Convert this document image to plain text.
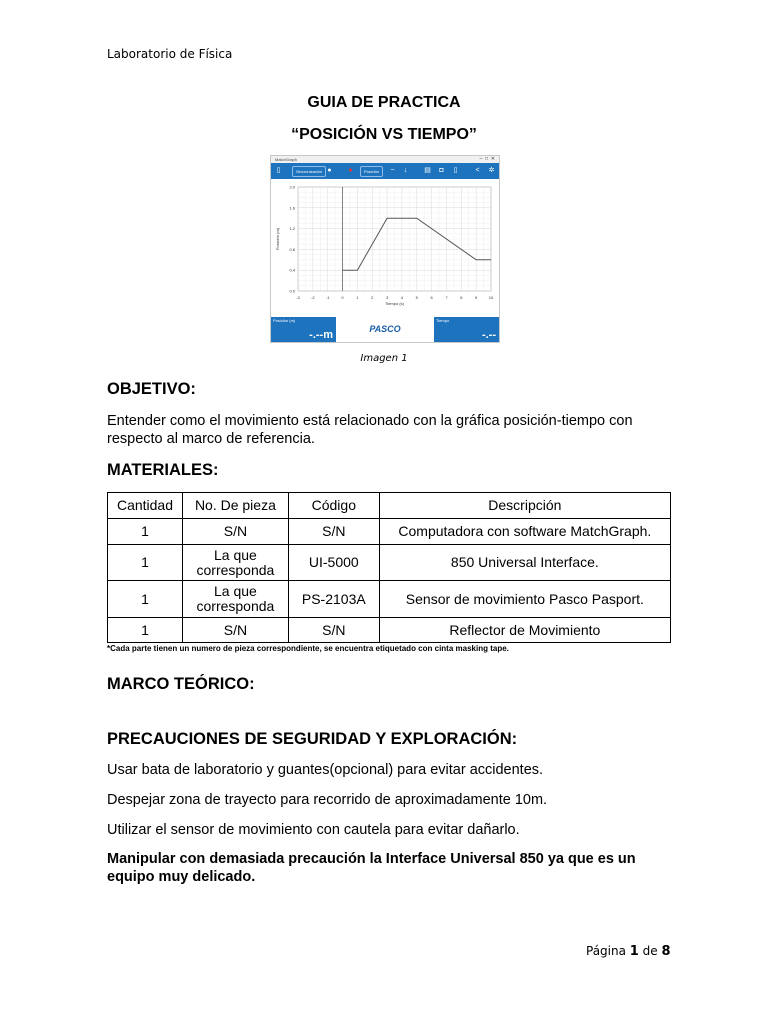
Laboratorio de Física
GUIA DE PRACTICA
“POSICIÓN VS TIEMPO”
MatchGraph	–  □  ✕
▯	Sincronización ● ●	Posición	~ ↓ ▤ ◘ ▯	< ✲
-3	-2	-1	0	1	2	3	4	5	6	7	8	9	10
0.0
0.4
0.8
1.2
1.6
2.0
Tiempo (s)
Posición (m)
Posición (m)
-.--m	PASCO
Tiempo
-.--
Imagen 1
OBJETIVO:
Entender como el movimiento está relacionado con la gráfica posición-tiempo con respecto al marco de referencia.
MATERIALES:
Cantidad	No. De pieza	Código	Descripción
1	S/N	S/N	Computadora con software MatchGraph.
1	La que corresponda	UI-5000	850 Universal Interface.
1	La que corresponda	PS-2103A	Sensor de movimiento Pasco Pasport.
1	S/N	S/N	Reflector de Movimiento
*Cada parte tienen un numero de pieza correspondiente, se encuentra etiquetado con cinta masking tape.
MARCO TEÓRICO:
PRECAUCIONES DE SEGURIDAD Y EXPLORACIÓN:
Usar bata de laboratorio y guantes(opcional) para evitar accidentes.
Despejar zona de trayecto para recorrido de aproximadamente 10m.
Utilizar el sensor de movimiento con cautela para evitar dañarlo.
Manipular con demasiada precaución la Interface Universal 850 ya que es un equipo muy delicado.
Página 1 de 8
